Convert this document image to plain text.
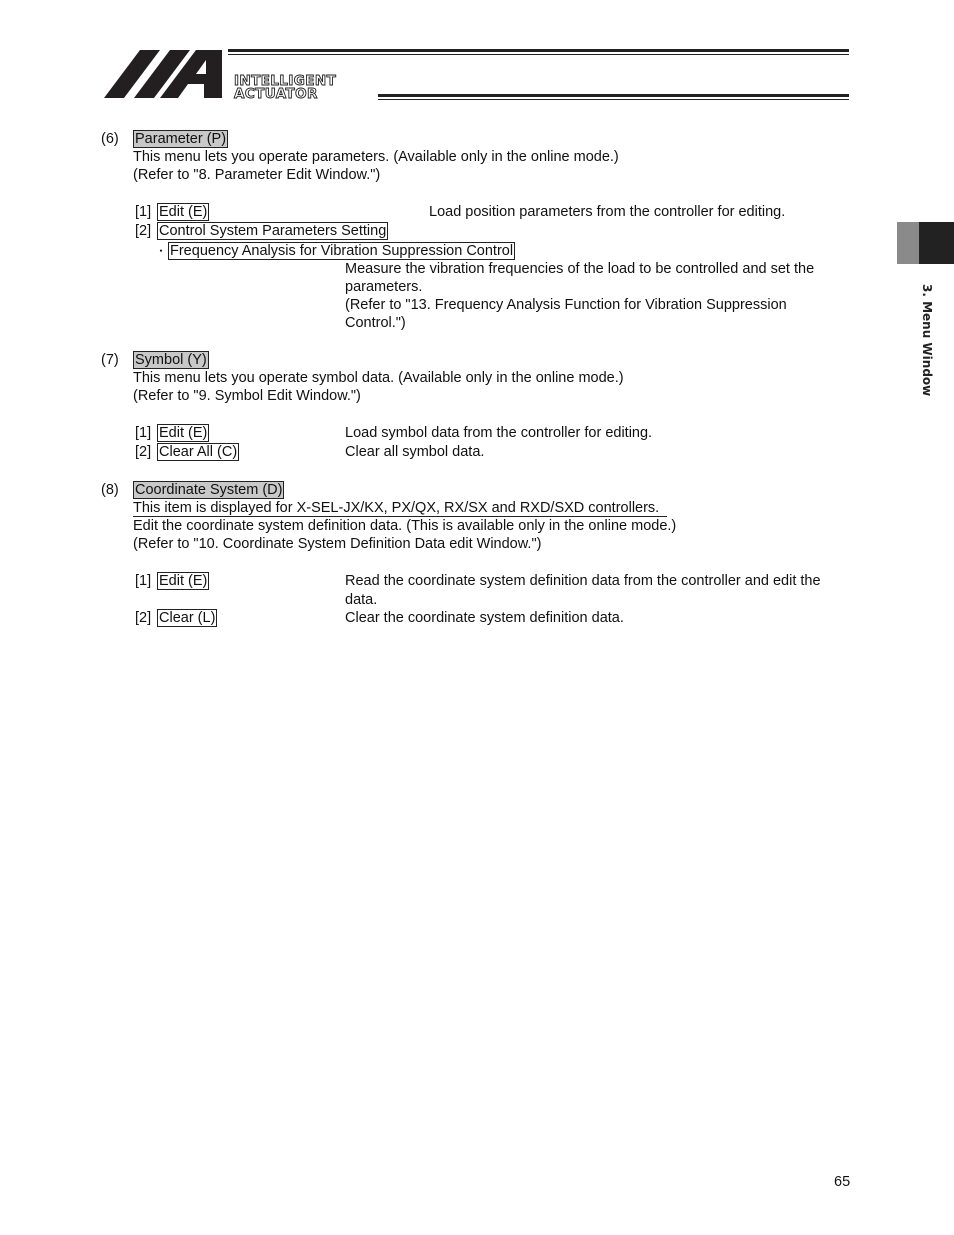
INTELLIGENT
ACTUATOR
3. Menu Window
(6) Parameter (P)
This menu lets you operate parameters. (Available only in the online mode.)
(Refer to "8. Parameter Edit Window.")
[1] Edit (E)	Load position parameters from the controller for editing.
[2] Control System Parameters Setting
・ Frequency Analysis for Vibration Suppression Control
Measure the vibration frequencies of the load to be controlled and set the
parameters.
(Refer to "13. Frequency Analysis Function for Vibration Suppression
Control.")
(7) Symbol (Y)
This menu lets you operate symbol data. (Available only in the online mode.)
(Refer to "9. Symbol Edit Window.")
[1] Edit (E)	Load symbol data from the controller for editing.
[2] Clear All (C)	Clear all symbol data.
(8) Coordinate System (D)
This item is displayed for X-SEL-JX/KX, PX/QX, RX/SX and RXD/SXD controllers.
Edit the coordinate system definition data. (This is available only in the online mode.)
(Refer to "10. Coordinate System Definition Data edit Window.")
[1] Edit (E)	Read the coordinate system definition data from the controller and edit the
data.
[2] Clear (L)	Clear the coordinate system definition data.
65
